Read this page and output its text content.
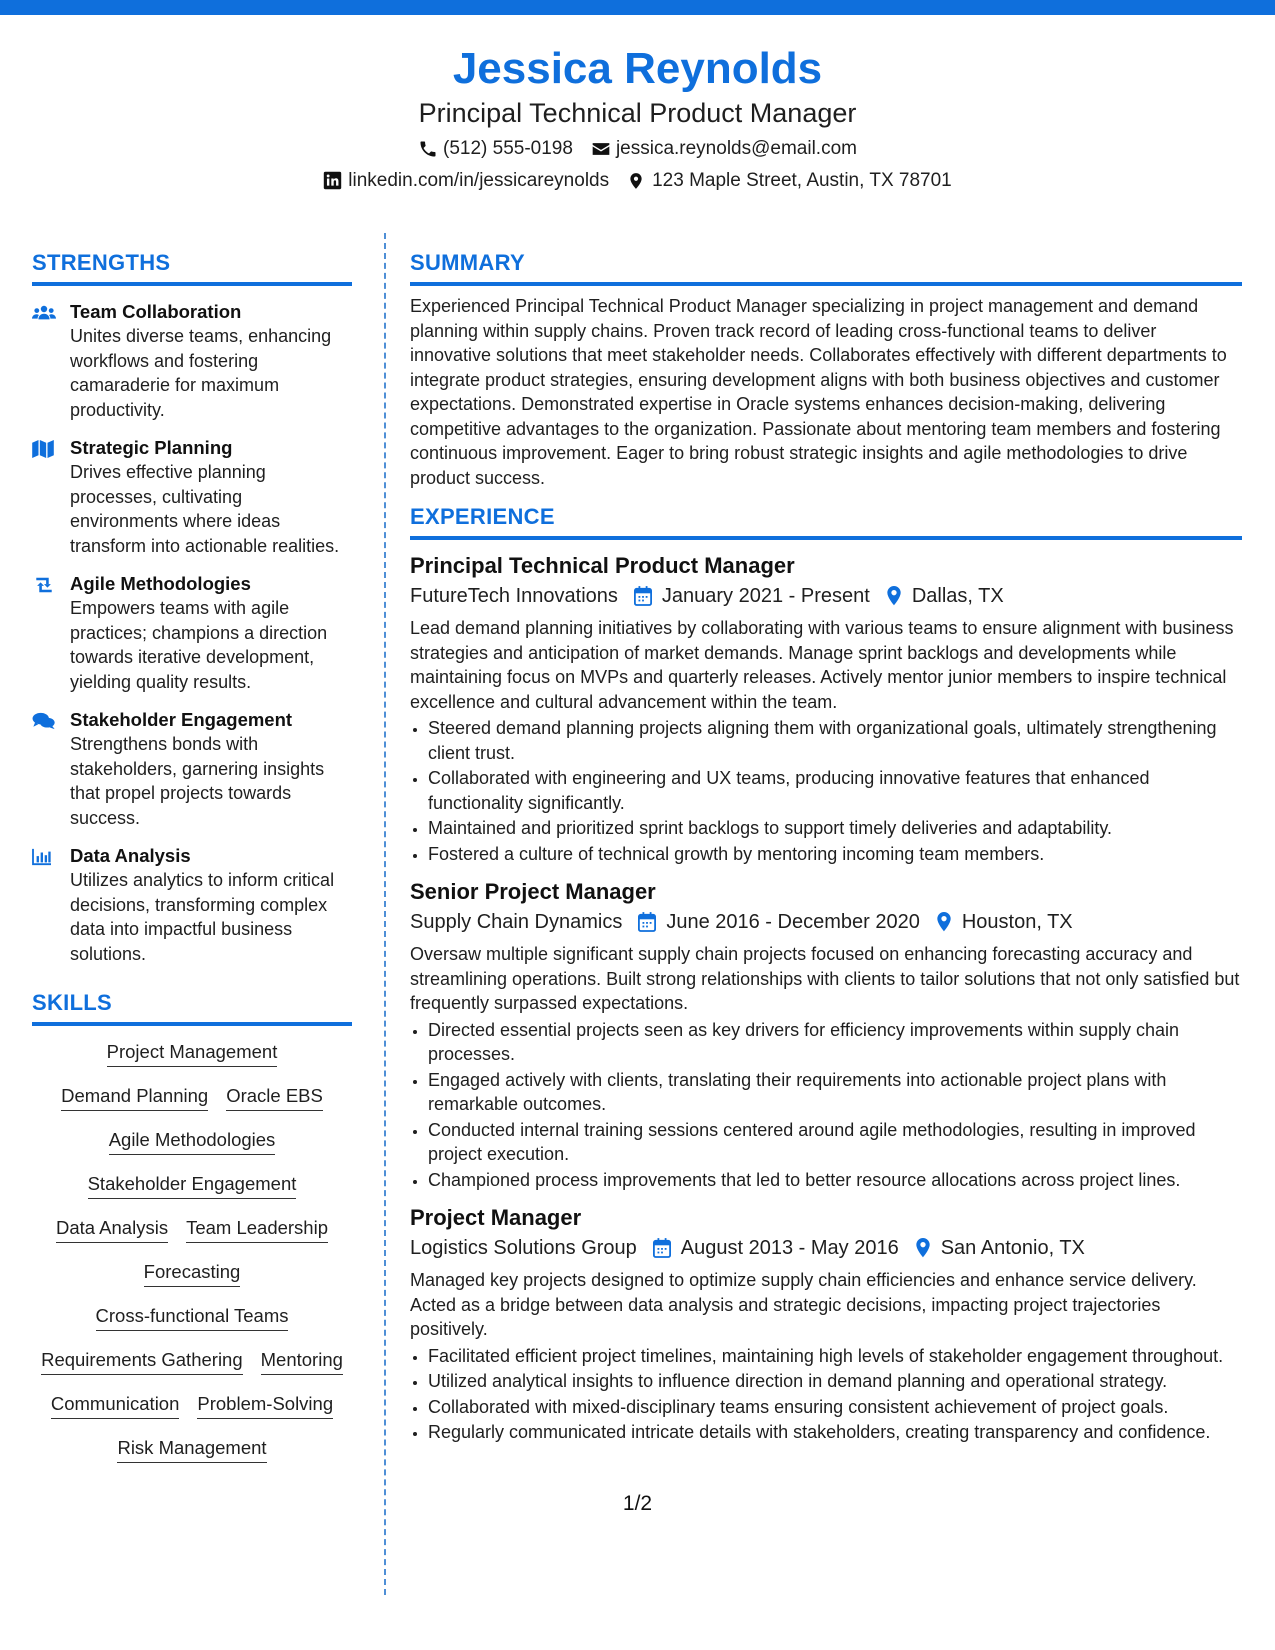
Jessica Reynolds
Principal Technical Product Manager
(512) 555-0198 jessica.reynolds@email.com
linkedin.com/in/jessicareynolds 123 Maple Street, Austin, TX 78701
STRENGTHS
Team Collaboration
Unites diverse teams, enhancing workflows and fostering camaraderie for maximum productivity.
Strategic Planning
Drives effective planning processes, cultivating environments where ideas transform into actionable realities.
Agile Methodologies
Empowers teams with agile practices; champions a direction towards iterative development, yielding quality results.
Stakeholder Engagement
Strengthens bonds with stakeholders, garnering insights that propel projects towards success.
Data Analysis
Utilizes analytics to inform critical decisions, transforming complex data into impactful business solutions.
SKILLS
Project Management
Demand Planning Oracle EBS
Agile Methodologies
Stakeholder Engagement
Data Analysis Team Leadership
Forecasting
Cross-functional Teams
Requirements Gathering Mentoring
Communication Problem-Solving
Risk Management
SUMMARY
Experienced Principal Technical Product Manager specializing in project management and demand planning within supply chains. Proven track record of leading cross-functional teams to deliver innovative solutions that meet stakeholder needs. Collaborates effectively with different departments to integrate product strategies, ensuring development aligns with both business objectives and customer expectations. Demonstrated expertise in Oracle systems enhances decision-making, delivering competitive advantages to the organization. Passionate about mentoring team members and fostering continuous improvement. Eager to bring robust strategic insights and agile methodologies to drive product success.
EXPERIENCE
Principal Technical Product Manager
FutureTech Innovations January 2021 - Present Dallas, TX
Lead demand planning initiatives by collaborating with various teams to ensure alignment with business strategies and anticipation of market demands. Manage sprint backlogs and developments while maintaining focus on MVPs and quarterly releases. Actively mentor junior members to inspire technical excellence and cultural advancement within the team.
• Steered demand planning projects aligning them with organizational goals, ultimately strengthening client trust.
• Collaborated with engineering and UX teams, producing innovative features that enhanced functionality significantly.
• Maintained and prioritized sprint backlogs to support timely deliveries and adaptability.
• Fostered a culture of technical growth by mentoring incoming team members.
Senior Project Manager
Supply Chain Dynamics June 2016 - December 2020 Houston, TX
Oversaw multiple significant supply chain projects focused on enhancing forecasting accuracy and streamlining operations. Built strong relationships with clients to tailor solutions that not only satisfied but frequently surpassed expectations.
• Directed essential projects seen as key drivers for efficiency improvements within supply chain processes.
• Engaged actively with clients, translating their requirements into actionable project plans with remarkable outcomes.
• Conducted internal training sessions centered around agile methodologies, resulting in improved project execution.
• Championed process improvements that led to better resource allocations across project lines.
Project Manager
Logistics Solutions Group August 2013 - May 2016 San Antonio, TX
Managed key projects designed to optimize supply chain efficiencies and enhance service delivery. Acted as a bridge between data analysis and strategic decisions, impacting project trajectories positively.
• Facilitated efficient project timelines, maintaining high levels of stakeholder engagement throughout.
• Utilized analytical insights to influence direction in demand planning and operational strategy.
• Collaborated with mixed-disciplinary teams ensuring consistent achievement of project goals.
• Regularly communicated intricate details with stakeholders, creating transparency and confidence.
1/2
